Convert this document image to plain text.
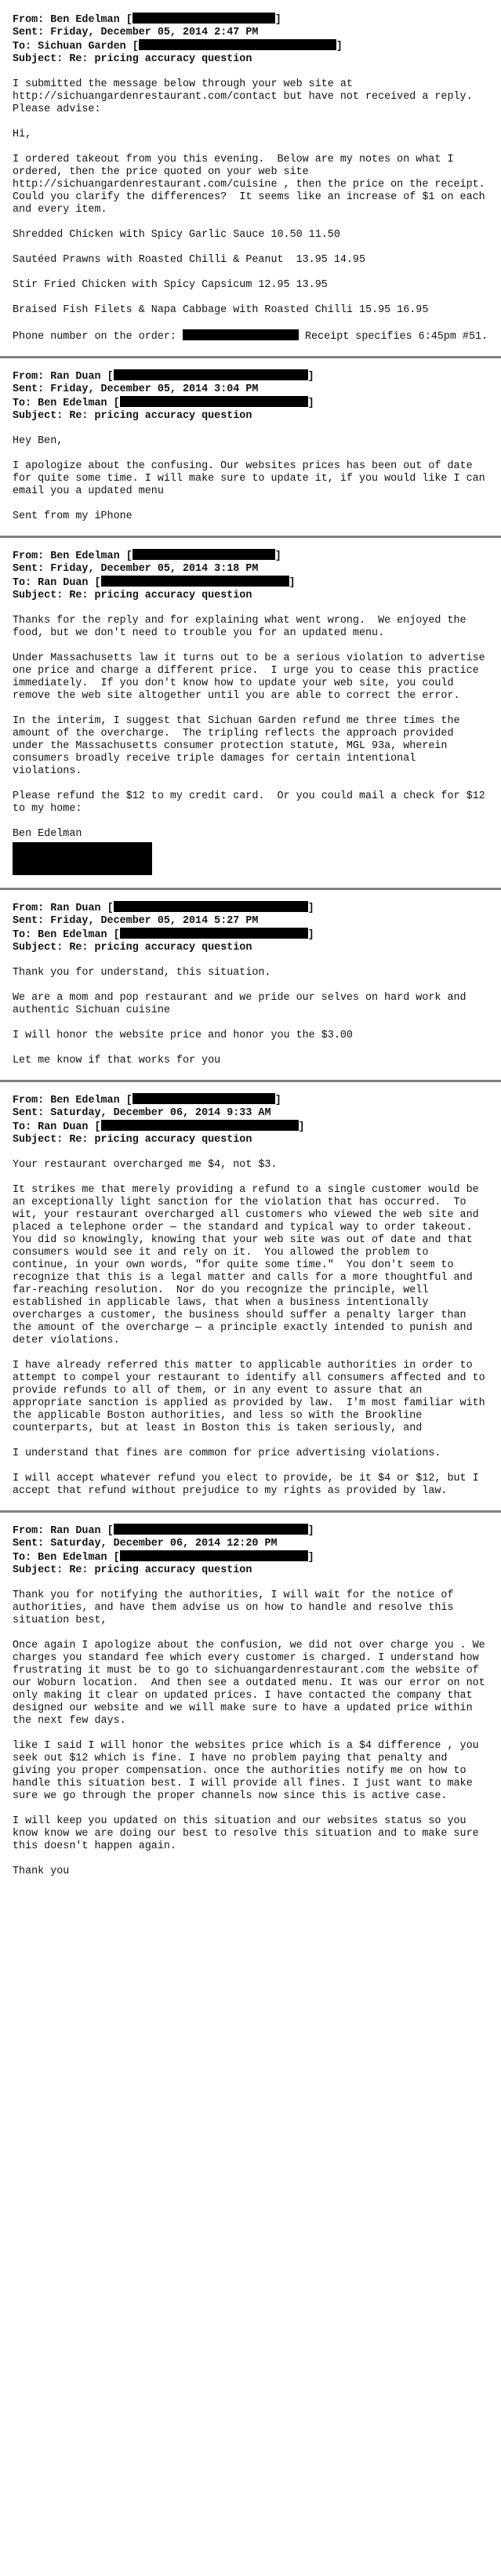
From: Ben Edelman [	]
Sent: Friday, December 05, 2014 2:47 PM
To: Sichuan Garden [	]
Subject: Re: pricing accuracy question

I submitted the message below through your web site at http://sichuangardenrestaurant.com/contact but have not received a reply.  Please advise:

Hi,

I ordered takeout from you this evening.  Below are my notes on what I ordered, then the price quoted on your web site http://sichuangardenrestaurant.com/cuisine , then the price on the receipt.  Could you clarify the differences?  It seems like an increase of $1 on each and every item.

Shredded Chicken with Spicy Garlic Sauce 10.50 11.50

Sautéed Prawns with Roasted Chilli & Peanut  13.95 14.95

Stir Fried Chicken with Spicy Capsicum 12.95 13.95

Braised Fish Filets & Napa Cabbage with Roasted Chilli 15.95 16.95

Phone number on the order:	Receipt specifies 6:45pm #51.

From: Ran Duan [	]
Sent: Friday, December 05, 2014 3:04 PM
To: Ben Edelman [	]
Subject: Re: pricing accuracy question

Hey Ben,

I apologize about the confusing. Our websites prices has been out of date for quite some time. I will make sure to update it, if you would like I can email you a updated menu

Sent from my iPhone

From: Ben Edelman [	]
Sent: Friday, December 05, 2014 3:18 PM
To: Ran Duan [	]
Subject: Re: pricing accuracy question

Thanks for the reply and for explaining what went wrong.  We enjoyed the food, but we don't need to trouble you for an updated menu.

Under Massachusetts law it turns out to be a serious violation to advertise one price and charge a different price.  I urge you to cease this practice immediately.  If you don't know how to update your web site, you could remove the web site altogether until you are able to correct the error.

In the interim, I suggest that Sichuan Garden refund me three times the amount of the overcharge.  The tripling reflects the approach provided under the Massachusetts consumer protection statute, MGL 93a, wherein consumers broadly receive triple damages for certain intentional violations.

Please refund the $12 to my credit card.  Or you could mail a check for $12 to my home:

Ben Edelman
From: Ran Duan [	]
Sent: Friday, December 05, 2014 5:27 PM
To: Ben Edelman [	]
Subject: Re: pricing accuracy question

Thank you for understand, this situation.

We are a mom and pop restaurant and we pride our selves on hard work and authentic Sichuan cuisine

I will honor the website price and honor you the $3.00

Let me know if that works for you

From: Ben Edelman [	]
Sent: Saturday, December 06, 2014 9:33 AM
To: Ran Duan [	]
Subject: Re: pricing accuracy question

Your restaurant overcharged me $4, not $3.

It strikes me that merely providing a refund to a single customer would be an exceptionally light sanction for the violation that has occurred.  To wit, your restaurant overcharged all customers who viewed the web site and placed a telephone order — the standard and typical way to order takeout.  You did so knowingly, knowing that your web site was out of date and that consumers would see it and rely on it.  You allowed the problem to continue, in your own words, "for quite some time."  You don't seem to recognize that this is a legal matter and calls for a more thoughtful and far-reaching resolution.  Nor do you recognize the principle, well established in applicable laws, that when a business intentionally overcharges a customer, the business should suffer a penalty larger than the amount of the overcharge — a principle exactly intended to punish and deter violations.

I have already referred this matter to applicable authorities in order to attempt to compel your restaurant to identify all consumers affected and to provide refunds to all of them, or in any event to assure that an appropriate sanction is applied as provided by law.  I'm most familiar with the applicable Boston authorities, and less so with the Brookline counterparts, but at least in Boston this is taken seriously, and

I understand that fines are common for price advertising violations.

I will accept whatever refund you elect to provide, be it $4 or $12, but I accept that refund without prejudice to my rights as provided by law.

From: Ran Duan [	]
Sent: Saturday, December 06, 2014 12:20 PM
To: Ben Edelman [	]
Subject: Re: pricing accuracy question

Thank you for notifying the authorities, I will wait for the notice of authorities, and have them advise us on how to handle and resolve this situation best,

Once again I apologize about the confusion, we did not over charge you . We charges you standard fee which every customer is charged. I understand how frustrating it must be to go to sichuangardenrestaurant.com the website of our Woburn location.  And then see a outdated menu. It was our error on not only making it clear on updated prices. I have contacted the company that designed our website and we will make sure to have a updated price within the next few days.

like I said I will honor the websites price which is a $4 difference , you seek out $12 which is fine. I have no problem paying that penalty and giving you proper compensation. once the authorities notify me on how to handle this situation best. I will provide all fines. I just want to make sure we go through the proper channels now since this is active case.

I will keep you updated on this situation and our websites status so you know know we are doing our best to resolve this situation and to make sure this doesn't happen again.

Thank you
